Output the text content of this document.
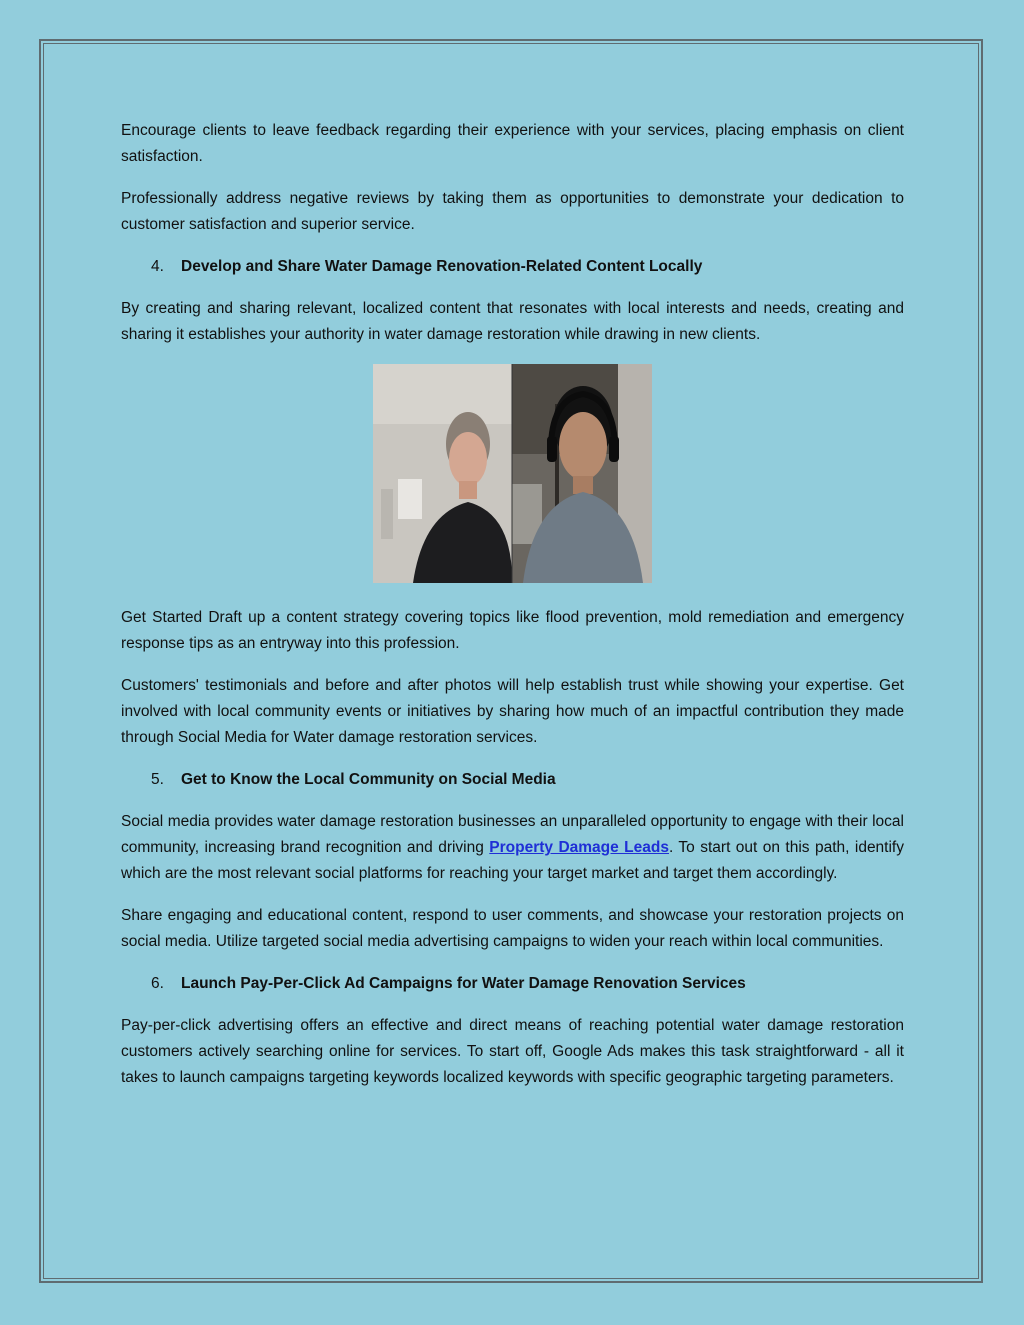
Encourage clients to leave feedback regarding their experience with your services, placing emphasis on client satisfaction.

Professionally address negative reviews by taking them as opportunities to demonstrate your dedication to customer satisfaction and superior service.

4. Develop and Share Water Damage Renovation-Related Content Locally

By creating and sharing relevant, localized content that resonates with local interests and needs, creating and sharing it establishes your authority in water damage restoration while drawing in new clients.

Get Started Draft up a content strategy covering topics like flood prevention, mold remediation and emergency response tips as an entryway into this profession.

Customers' testimonials and before and after photos will help establish trust while showing your expertise. Get involved with local community events or initiatives by sharing how much of an impactful contribution they made through Social Media for Water damage restoration services.

5. Get to Know the Local Community on Social Media

Social media provides water damage restoration businesses an unparalleled opportunity to engage with their local community, increasing brand recognition and driving Property Damage Leads. To start out on this path, identify which are the most relevant social platforms for reaching your target market and target them accordingly.

Share engaging and educational content, respond to user comments, and showcase your restoration projects on social media. Utilize targeted social media advertising campaigns to widen your reach within local communities.

6. Launch Pay-Per-Click Ad Campaigns for Water Damage Renovation Services

Pay-per-click advertising offers an effective and direct means of reaching potential water damage restoration customers actively searching online for services. To start off, Google Ads makes this task straightforward - all it takes to launch campaigns targeting keywords localized keywords with specific geographic targeting parameters.
